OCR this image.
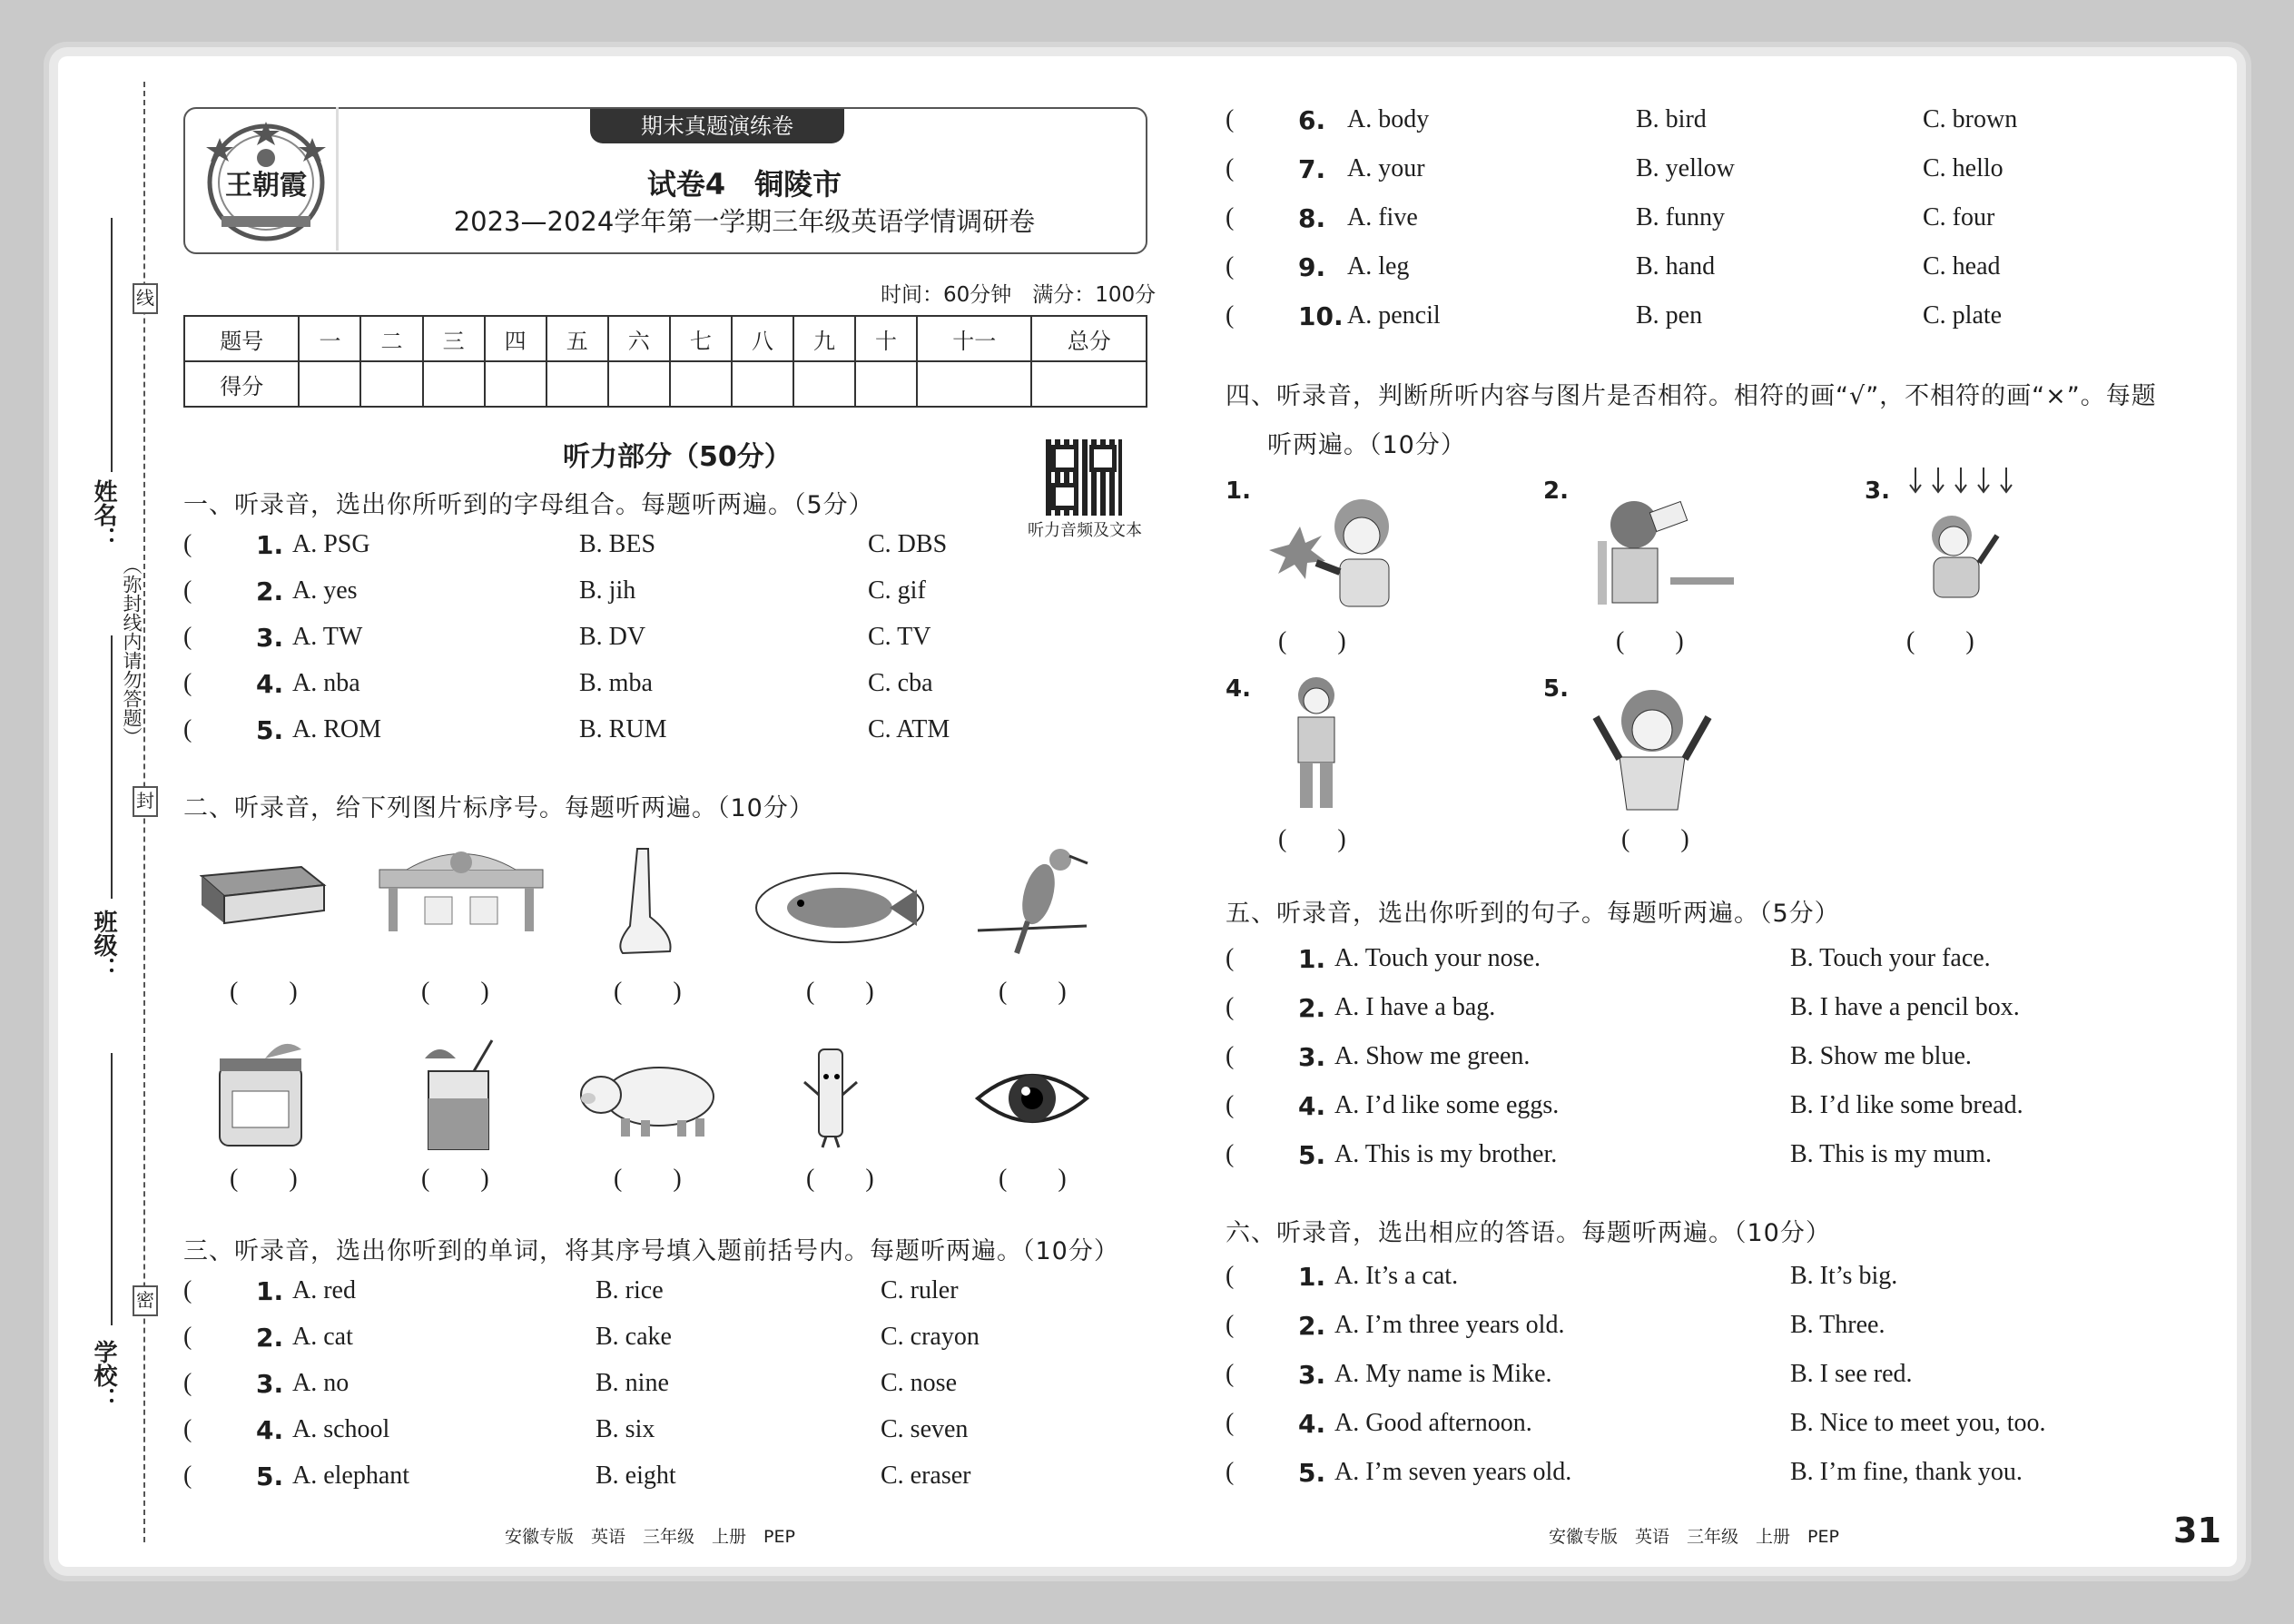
线
封
密
（弥封线内请勿答题）
姓名：
班级：
学校：
期末真题演练卷
王朝霞	试卷4　铜陵市
2023—2024学年第一学期三年级英语学情调研卷
时间：60分钟　满分：100分
题号	一	二	三	四	五	六	七	八	九	十	十一	总分
得分												
听力部分（50分）
听力音频及文本
一、听录音，选出你所听到的字母组合。每题听两遍。（5分）
(	1. A. PSG	B. BES	C. DBS
(	2. A. yes	B. jih	C. gif
(	3. A. TW	B. DV	C. TV
(	4. A. nba	B. mba	C. cba
(	5. A. ROM	B. RUM	C. ATM
二、听录音，给下列图片标序号。每题听两遍。（10分）
(　　)	(　　)	(　　)	(　　)	(　　)
(　　)	(　　)	(　　)	(　　)	(　　)
三、听录音，选出你听到的单词，将其序号填入题前括号内。每题听两遍。（10分）
(	1. A. red	B. rice	C. ruler
(	2. A. cat	B. cake	C. crayon
(	3. A. no	B. nine	C. nose
(	4. A. school	B. six	C. seven
(	5. A. elephant	B. eight	C. eraser
(	6. A. body	B. bird	C. brown
(	7. A. your	B. yellow	C. hello
(	8. A. five	B. funny	C. four
(	9. A. leg	B. hand	C. head
(	10. A. pencil	B. pen	C. plate
四、听录音，判断所听内容与图片是否相符。相符的画“√”，不相符的画“×”。每题
听两遍。（10分）
1.	2.	3.
4.	5.
(　　)	(　　)	(　　)
(　　)	(　　)
五、听录音，选出你听到的句子。每题听两遍。（5分）
(	1. A. Touch your nose.	B. Touch your face.
(	2. A. I have a bag.	B. I have a pencil box.
(	3. A. Show me green.	B. Show me blue.
(	4. A. I’d like some eggs.	B. I’d like some bread.
(	5. A. This is my brother.	B. This is my mum.
六、听录音，选出相应的答语。每题听两遍。（10分）
(	1. A. It’s a cat.	B. It’s big.
(	2. A. I’m three years old.	B. Three.
(	3. A. My name is Mike.	B. I see red.
(	4. A. Good afternoon.	B. Nice to meet you, too.
(	5. A. I’m seven years old.	B. I’m fine, thank you.
安徽专版　英语　三年级　上册　PEP	安徽专版　英语　三年级　上册　PEP	31
